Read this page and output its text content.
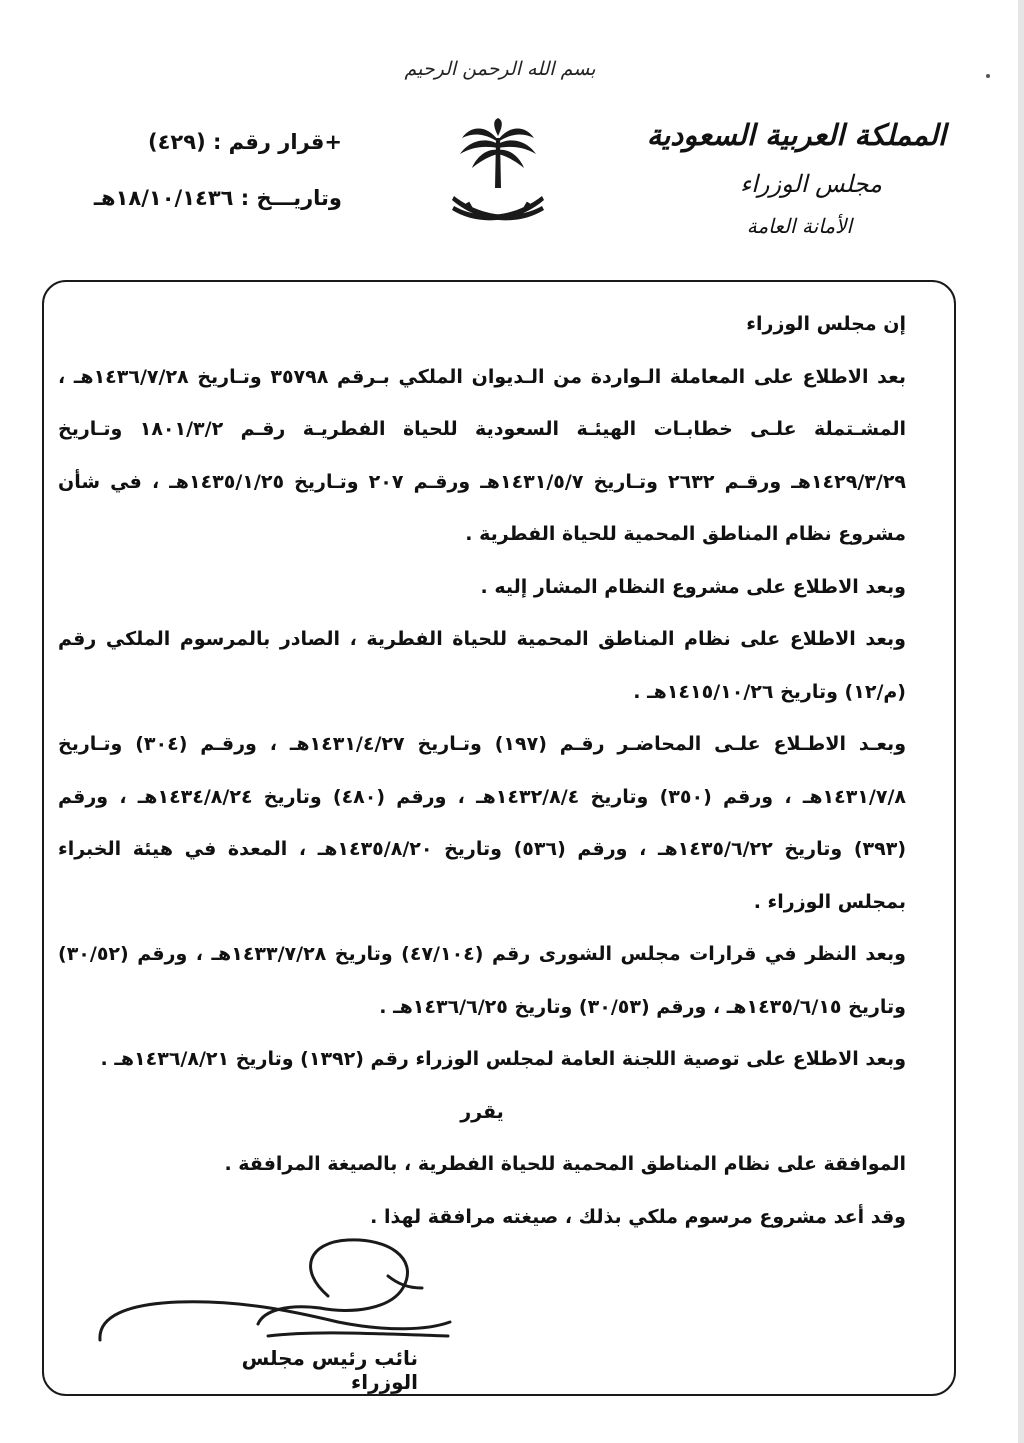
بسم الله الرحمن الرحيم
المملكة العربية السعودية
مجلس الوزراء
الأمانة العامة
+قرار رقم : (٤٢٩)
وتاريـــخ : ١٨/١٠/١٤٣٦هـ

إن مجلس الوزراء

بعد الاطلاع على المعاملة الـواردة من الـديوان الملكي بـرقم ٣٥٧٩٨ وتـاريخ ١٤٣٦/٧/٢٨هـ ، المشـتملة علـى خطابـات الهيئـة السعودية للحياة الفطريـة رقـم ١٨٠١/٣/٢ وتـاريخ ١٤٢٩/٣/٢٩هـ ورقـم ٢٦٣٢ وتـاريخ ١٤٣١/٥/٧هـ ورقـم ٢٠٧ وتـاريخ ١٤٣٥/١/٢٥هـ ، في شأن مشروع نظام المناطق المحمية للحياة الفطرية .

وبعد الاطلاع على مشروع النظام المشار إليه .

وبعد الاطلاع على نظام المناطق المحمية للحياة الفطرية ، الصادر بالمرسوم الملكي رقم (م/١٢) وتاريخ ١٤١٥/١٠/٢٦هـ .

وبعـد الاطـلاع علـى المحاضـر رقـم (١٩٧) وتـاريخ ١٤٣١/٤/٢٧هـ ، ورقـم (٣٠٤) وتـاريخ ١٤٣١/٧/٨هـ ، ورقم (٣٥٠) وتاريخ ١٤٣٢/٨/٤هـ ، ورقم (٤٨٠) وتاريخ ١٤٣٤/٨/٢٤هـ ، ورقم (٣٩٣) وتاريخ ١٤٣٥/٦/٢٢هـ ، ورقم (٥٣٦) وتاريخ ١٤٣٥/٨/٢٠هـ ، المعدة في هيئة الخبراء بمجلس الوزراء .

وبعد النظر في قرارات مجلس الشورى رقم (٤٧/١٠٤) وتاريخ ١٤٣٣/٧/٢٨هـ ، ورقم (٣٠/٥٢) وتاريخ ١٤٣٥/٦/١٥هـ ، ورقم (٣٠/٥٣) وتاريخ ١٤٣٦/٦/٢٥هـ .

وبعد الاطلاع على توصية اللجنة العامة لمجلس الوزراء رقم (١٣٩٢) وتاريخ ١٤٣٦/٨/٢١هـ .

يقرر

الموافقة على نظام المناطق المحمية للحياة الفطرية ، بالصيغة المرافقة .

وقد أعد مشروع مرسوم ملكي بذلك ، صيغته مرافقة لهذا .

نائب رئيس مجلس الوزراء
